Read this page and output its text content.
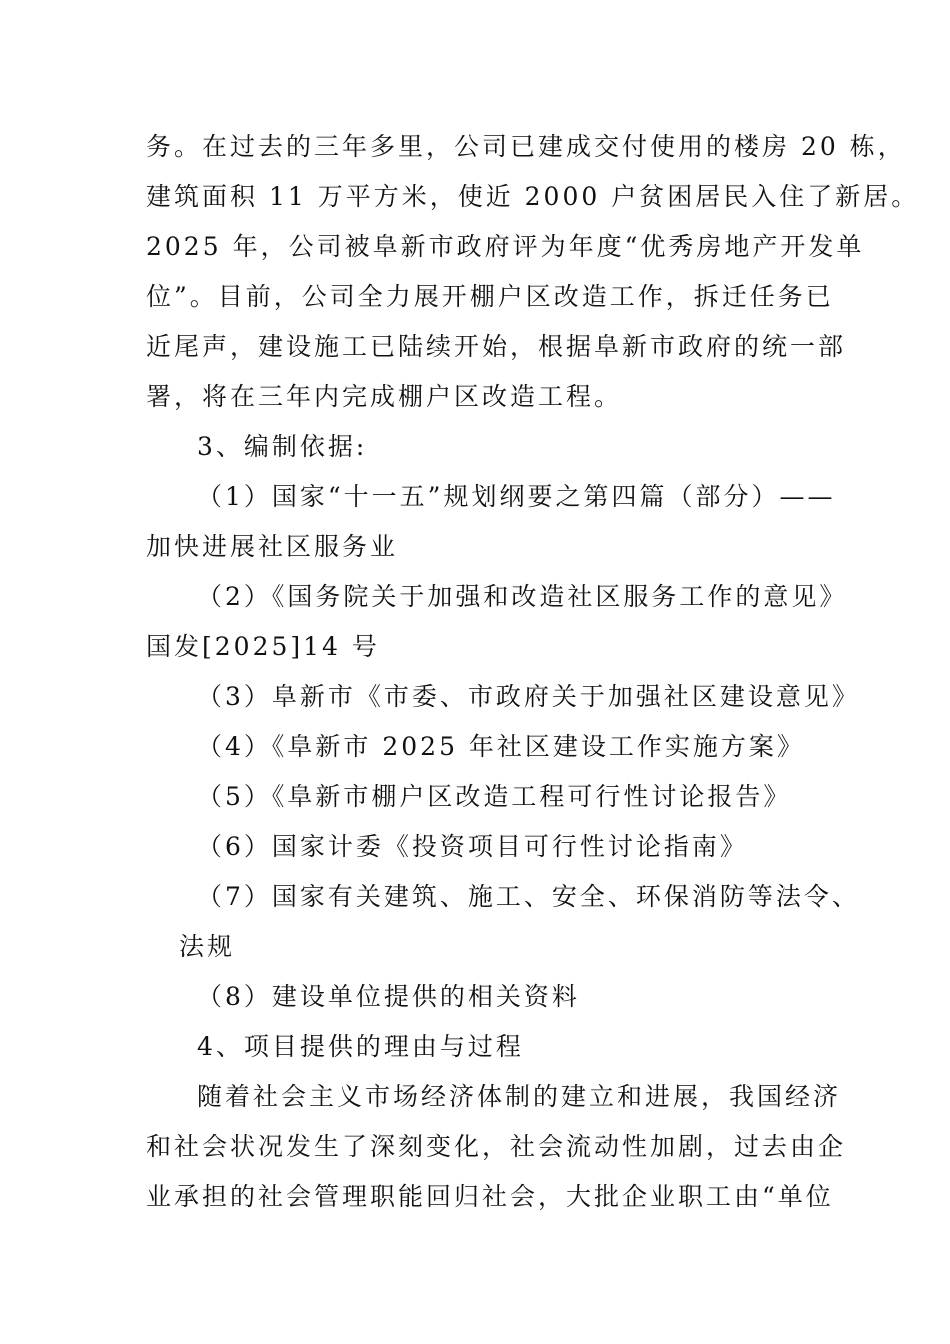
务。在过去的三年多里，公司已建成交付使用的楼房 20 栋，
建筑面积 11 万平方米，使近 2000 户贫困居民入住了新居。
2025 年，公司被阜新市政府评为年度“优秀房地产开发单
位”。目前，公司全力展开棚户区改造工作，拆迁任务已
近尾声，建设施工已陆续开始，根据阜新市政府的统一部
署，将在三年内完成棚户区改造工程。
3、编制依据:
（1）国家“十一五”规划纲要之第四篇（部分）——
加快进展社区服务业
（2）《国务院关于加强和改造社区服务工作的意见》
国发[2025]14 号
（3）阜新市《市委、市政府关于加强社区建设意见》
（4）《阜新市 2025 年社区建设工作实施方案》
（5）《阜新市棚户区改造工程可行性讨论报告》
（6）国家计委《投资项目可行性讨论指南》
（7）国家有关建筑、施工、安全、环保消防等法令、
法规
（8）建设单位提供的相关资料
4、项目提供的理由与过程
随着社会主义市场经济体制的建立和进展，我国经济
和社会状况发生了深刻变化，社会流动性加剧，过去由企
业承担的社会管理职能回归社会，大批企业职工由“单位
